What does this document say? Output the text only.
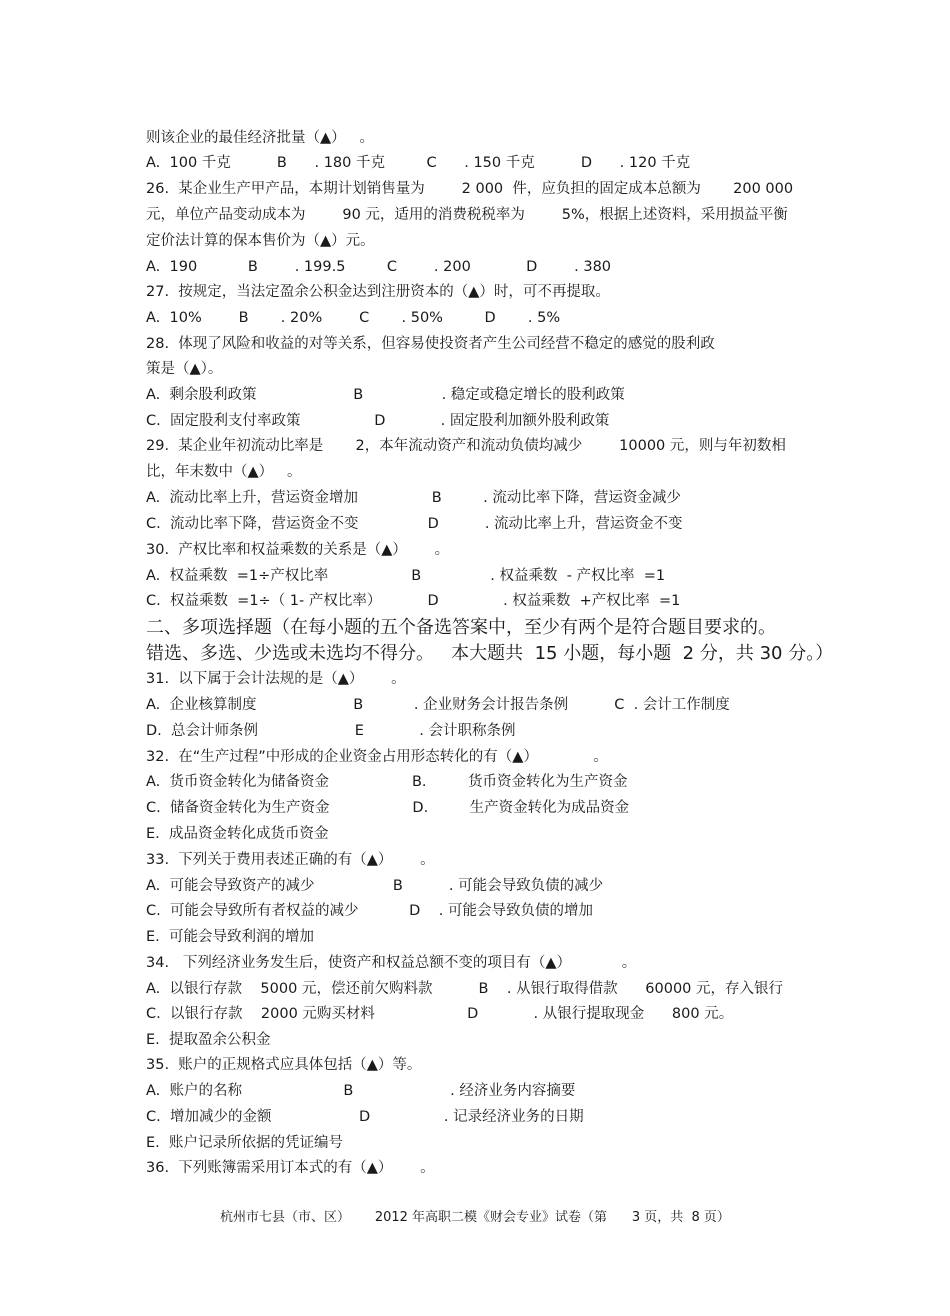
则该企业的最佳经济批量（▲）   。
A.  100 千克          B      . 180 千克         C      . 150 千克          D      . 120 千克
26.  某企业生产甲产品，本期计划销售量为        2 000  件，应负担的固定成本总额为       200 000
元，单位产品变动成本为        90 元，适用的消费税税率为        5%，根据上述资料，采用损益平衡
定价法计算的保本售价为（▲）元。
A.  190           B        . 199.5         C        . 200            D        . 380
27.  按规定，当法定盈余公积金达到注册资本的（▲）时，可不再提取。
A.  10%        B       . 20%        C       . 50%         D       . 5%
28.  体现了风险和收益的对等关系，但容易使投资者产生公司经营不稳定的感觉的股利政
策是（▲）。
A.  剩余股利政策                     B                 . 稳定或稳定增长的股利政策
C.  固定股利支付率政策                D            . 固定股利加额外股利政策
29.  某企业年初流动比率是       2，本年流动资产和流动负债均减少        10000 元，则与年初数相
比，年末数中（▲）   。
A.  流动比率上升，营运资金增加                B         . 流动比率下降，营运资金减少
C.  流动比率下降，营运资金不变               D          . 流动比率上升，营运资金不变
30.  产权比率和权益乘数的关系是（▲）      。
A.  权益乘数  =1÷产权比率                  B               . 权益乘数  - 产权比率  =1
C.  权益乘数  =1÷（ 1- 产权比率）          D              . 权益乘数  +产权比率  =1
二、多项选择题（在每小题的五个备选答案中，至少有两个是符合题目要求的。
错选、多选、少选或未选均不得分。   本大题共  15 小题，每小题  2 分，共 30 分。）
31.  以下属于会计法规的是（▲）      。
A.  企业核算制度                     B           . 企业财务会计报告条例          C  . 会计工作制度
D.  总会计师条例                     E            . 会计职称条例
32.  在“生产过程”中形成的企业资金占用形态转化的有（▲）            。
A.  货币资金转化为储备资金                  B.         货币资金转化为生产资金
C.  储备资金转化为生产资金                  D.         生产资金转化为成品资金
E.  成品资金转化成货币资金
33.  下列关于费用表述正确的有（▲）      。
A.  可能会导致资产的减少                 B          . 可能会导致负债的减少
C.  可能会导致所有者权益的减少           D    . 可能会导致负债的增加
E.  可能会导致利润的增加
34.   下列经济业务发生后，使资产和权益总额不变的项目有（▲）           。
A.  以银行存款    5000 元，偿还前欠购料款          B    . 从银行取得借款      60000 元，存入银行
C.  以银行存款    2000 元购买材料                    D            . 从银行提取现金      800 元。
E.  提取盈余公积金
35.  账户的正规格式应具体包括（▲）等。
A.  账户的名称                      B                     . 经济业务内容摘要
C.  增加减少的金额                   D                . 记录经济业务的日期
E.  账户记录所依据的凭证编号
36.  下列账簿需采用订本式的有（▲）      。
杭州市七县（市、区）      2012 年高职二模《财会专业》试卷（第      3 页，共  8 页）
